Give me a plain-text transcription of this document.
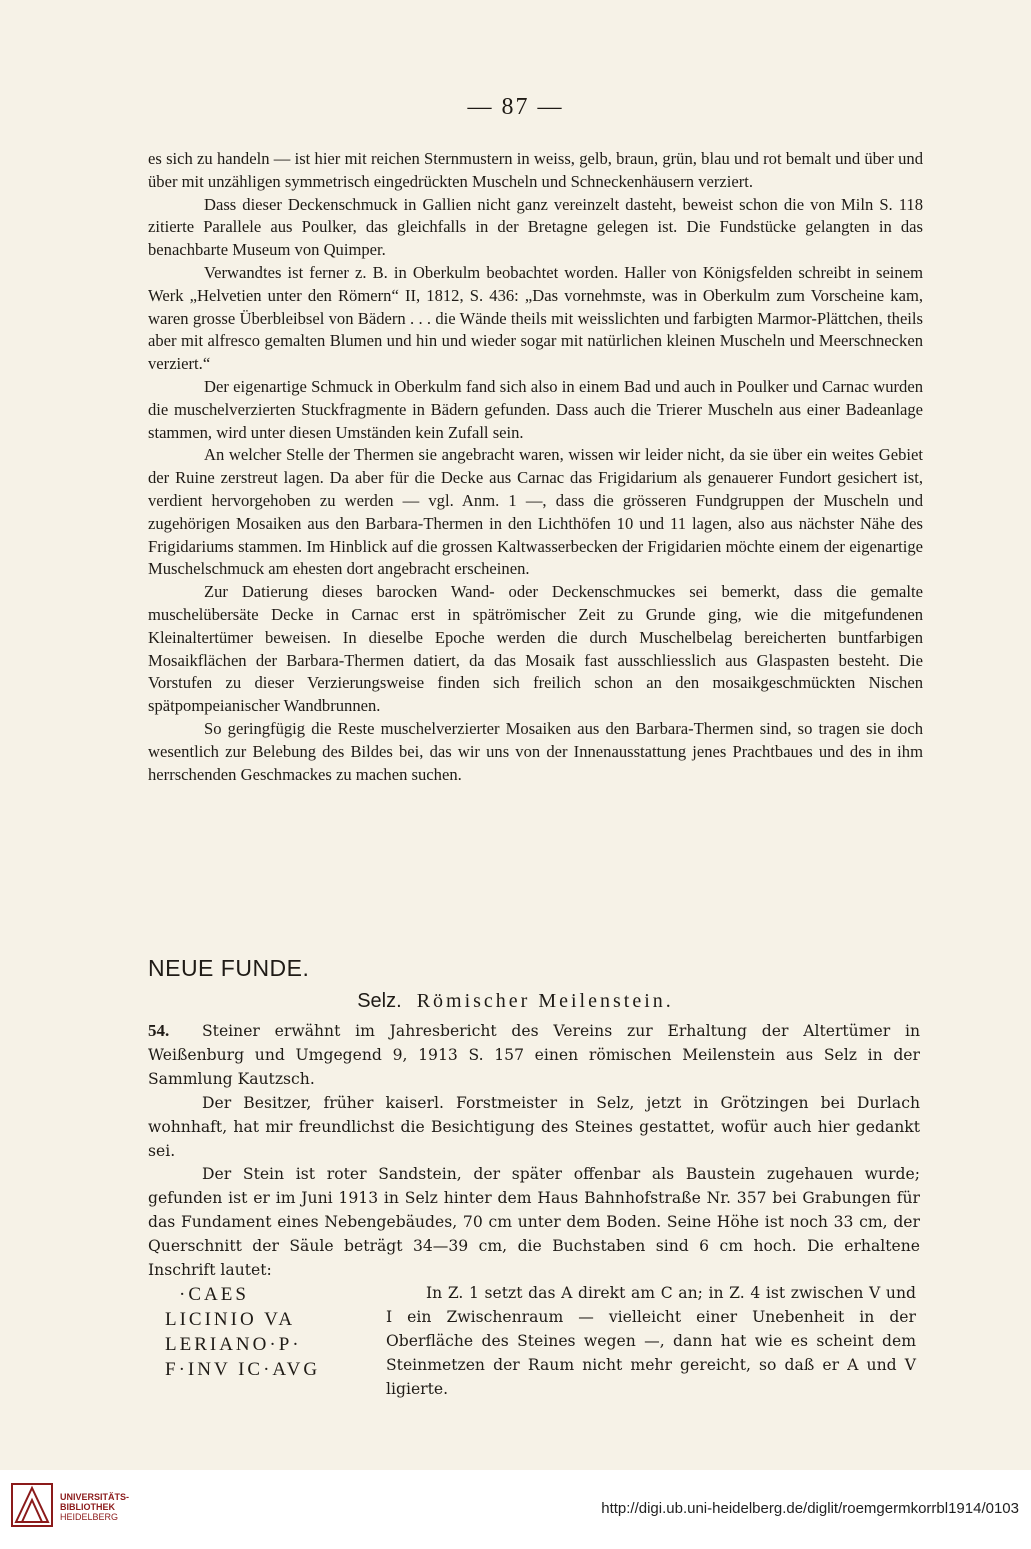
— 87 —

es sich zu handeln — ist hier mit reichen Sternmustern in weiss, gelb, braun, grün, blau und rot bemalt und über und über mit unzähligen symmetrisch eingedrückten Muscheln und Schneckenhäusern verziert.

Dass dieser Deckenschmuck in Gallien nicht ganz vereinzelt dasteht, beweist schon die von Miln S. 118 zitierte Parallele aus Poulker, das gleichfalls in der Bretagne gelegen ist. Die Fundstücke gelangten in das benachbarte Museum von Quimper.

Verwandtes ist ferner z. B. in Oberkulm beobachtet worden. Haller von Königsfelden schreibt in seinem Werk „Helvetien unter den Römern“ II, 1812, S. 436: „Das vornehmste, was in Oberkulm zum Vorscheine kam, waren grosse Überbleibsel von Bädern . . . die Wände theils mit weisslichten und farbigten Marmor-Plättchen, theils aber mit alfresco gemalten Blumen und hin und wieder sogar mit natürlichen kleinen Muscheln und Meerschnecken verziert.“

Der eigenartige Schmuck in Oberkulm fand sich also in einem Bad und auch in Poulker und Carnac wurden die muschelverzierten Stuckfragmente in Bädern gefunden. Dass auch die Trierer Muscheln aus einer Badeanlage stammen, wird unter diesen Umständen kein Zufall sein.

An welcher Stelle der Thermen sie angebracht waren, wissen wir leider nicht, da sie über ein weites Gebiet der Ruine zerstreut lagen. Da aber für die Decke aus Carnac das Frigidarium als genauerer Fundort gesichert ist, verdient hervorgehoben zu werden — vgl. Anm. 1 —, dass die grösseren Fundgruppen der Muscheln und zugehörigen Mosaiken aus den Barbara-Thermen in den Lichthöfen 10 und 11 lagen, also aus nächster Nähe des Frigidariums stammen. Im Hinblick auf die grossen Kaltwasserbecken der Frigidarien möchte einem der eigenartige Muschelschmuck am ehesten dort angebracht erscheinen.

Zur Datierung dieses barocken Wand- oder Deckenschmuckes sei bemerkt, dass die gemalte muschelübersäte Decke in Carnac erst in spätrömischer Zeit zu Grunde ging, wie die mitgefundenen Kleinaltertümer beweisen. In dieselbe Epoche werden die durch Muschelbelag bereicherten buntfarbigen Mosaikflächen der Barbara-Thermen datiert, da das Mosaik fast ausschliesslich aus Glaspasten besteht. Die Vorstufen zu dieser Verzierungsweise finden sich freilich schon an den mosaikgeschmückten Nischen spätpompeianischer Wandbrunnen.

So geringfügig die Reste muschelverzierter Mosaiken aus den Barbara-Thermen sind, so tragen sie doch wesentlich zur Belebung des Bildes bei, das wir uns von der Innenausstattung jenes Prachtbaues und des in ihm herrschenden Geschmackes zu machen suchen.

NEUE FUNDE.
Selz. Römischer Meilenstein.
54.	Steiner erwähnt im Jahresbericht des Vereins zur Erhaltung der Altertümer in Weißenburg und Umgegend 9, 1913 S. 157 einen römischen Meilenstein aus Selz in der Sammlung Kautzsch.

Der Besitzer, früher kaiserl. Forstmeister in Selz, jetzt in Grötzingen bei Durlach wohnhaft, hat mir freundlichst die Besichtigung des Steines gestattet, wofür auch hier gedankt sei.

Der Stein ist roter Sandstein, der später offenbar als Baustein zugehauen wurde; gefunden ist er im Juni 1913 in Selz hinter dem Haus Bahnhofstraße Nr. 357 bei Grabungen für das Fundament eines Nebengebäudes, 70 cm unter dem Boden. Seine Höhe ist noch 33 cm, der Querschnitt der Säule beträgt 34—39 cm, die Buchstaben sind 6 cm hoch. Die erhaltene Inschrift lautet:

·CAES
LICINIO VA
LERIANO·P·
F·INV IC·AVG

In Z. 1 setzt das A direkt am C an; in Z. 4 ist zwischen V und I ein Zwischenraum — vielleicht einer Unebenheit in der Oberfläche des Steines wegen —, dann hat wie es scheint dem Steinmetzen der Raum nicht mehr gereicht, so daß er A und V ligierte.

UNIVERSITÄTS-
BIBLIOTHEK
HEIDELBERG	http://digi.ub.uni-heidelberg.de/diglit/roemgermkorrbl1914/0103
